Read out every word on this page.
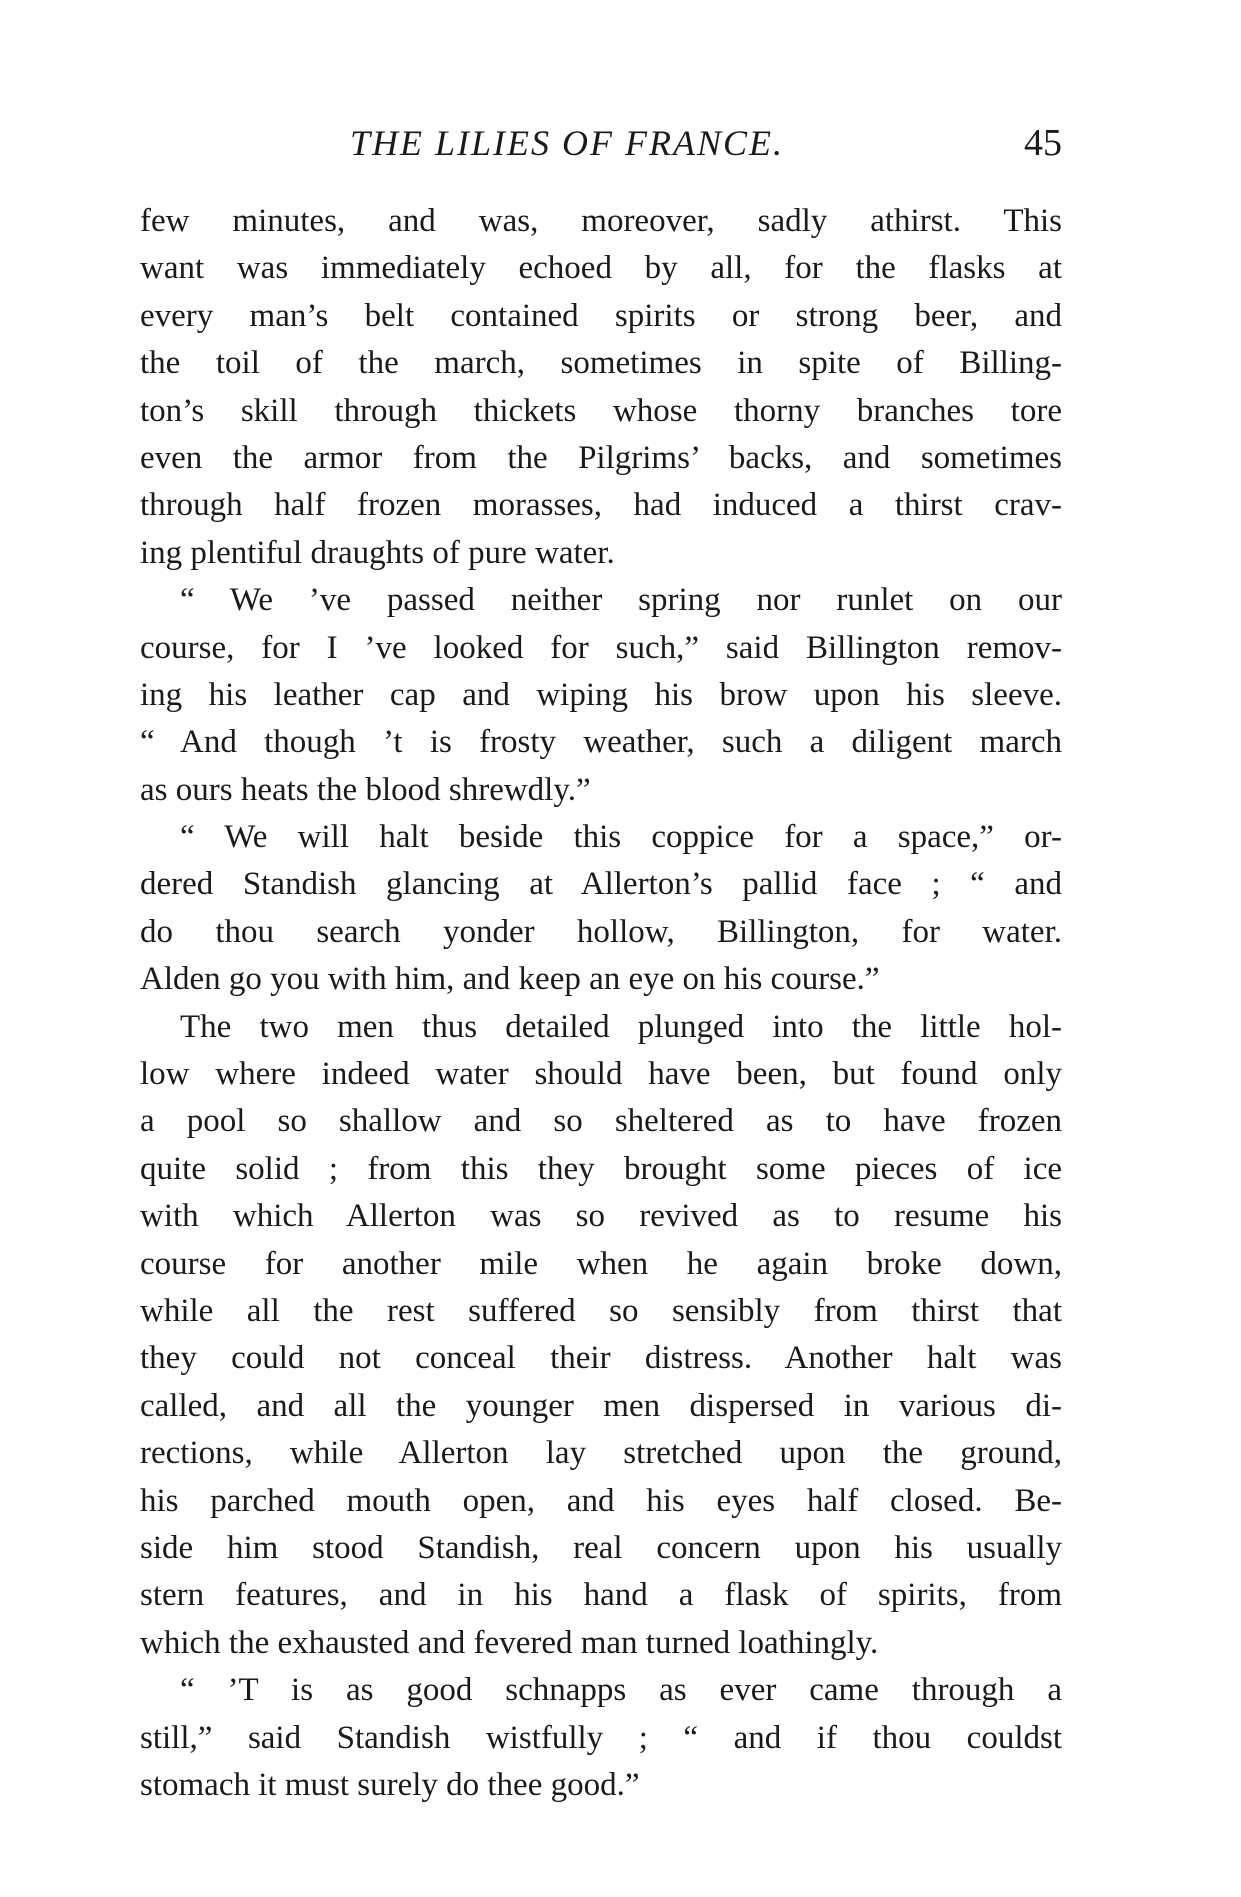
THE LILIES OF FRANCE.	45
few minutes, and was, moreover, sadly athirst. This
want was immediately echoed by all, for the flasks at
every man’s belt contained spirits or strong beer, and
the toil of the march, sometimes in spite of Billing-
ton’s skill through thickets whose thorny branches tore
even the armor from the Pilgrims’ backs, and sometimes
through half frozen morasses, had induced a thirst crav-
ing plentiful draughts of pure water.
“ We ’ve passed neither spring nor runlet on our
course, for I ’ve looked for such,” said Billington remov-
ing his leather cap and wiping his brow upon his sleeve.
“ And though ’t is frosty weather, such a diligent march
as ours heats the blood shrewdly.”
“ We will halt beside this coppice for a space,” or-
dered Standish glancing at Allerton’s pallid face ; “ and
do thou search yonder hollow, Billington, for water.
Alden go you with him, and keep an eye on his course.”
The two men thus detailed plunged into the little hol-
low where indeed water should have been, but found only
a pool so shallow and so sheltered as to have frozen
quite solid ; from this they brought some pieces of ice
with which Allerton was so revived as to resume his
course for another mile when he again broke down,
while all the rest suffered so sensibly from thirst that
they could not conceal their distress. Another halt was
called, and all the younger men dispersed in various di-
rections, while Allerton lay stretched upon the ground,
his parched mouth open, and his eyes half closed. Be-
side him stood Standish, real concern upon his usually
stern features, and in his hand a flask of spirits, from
which the exhausted and fevered man turned loathingly.
“ ’T is as good schnapps as ever came through a
still,” said Standish wistfully ; “ and if thou couldst
stomach it must surely do thee good.”
